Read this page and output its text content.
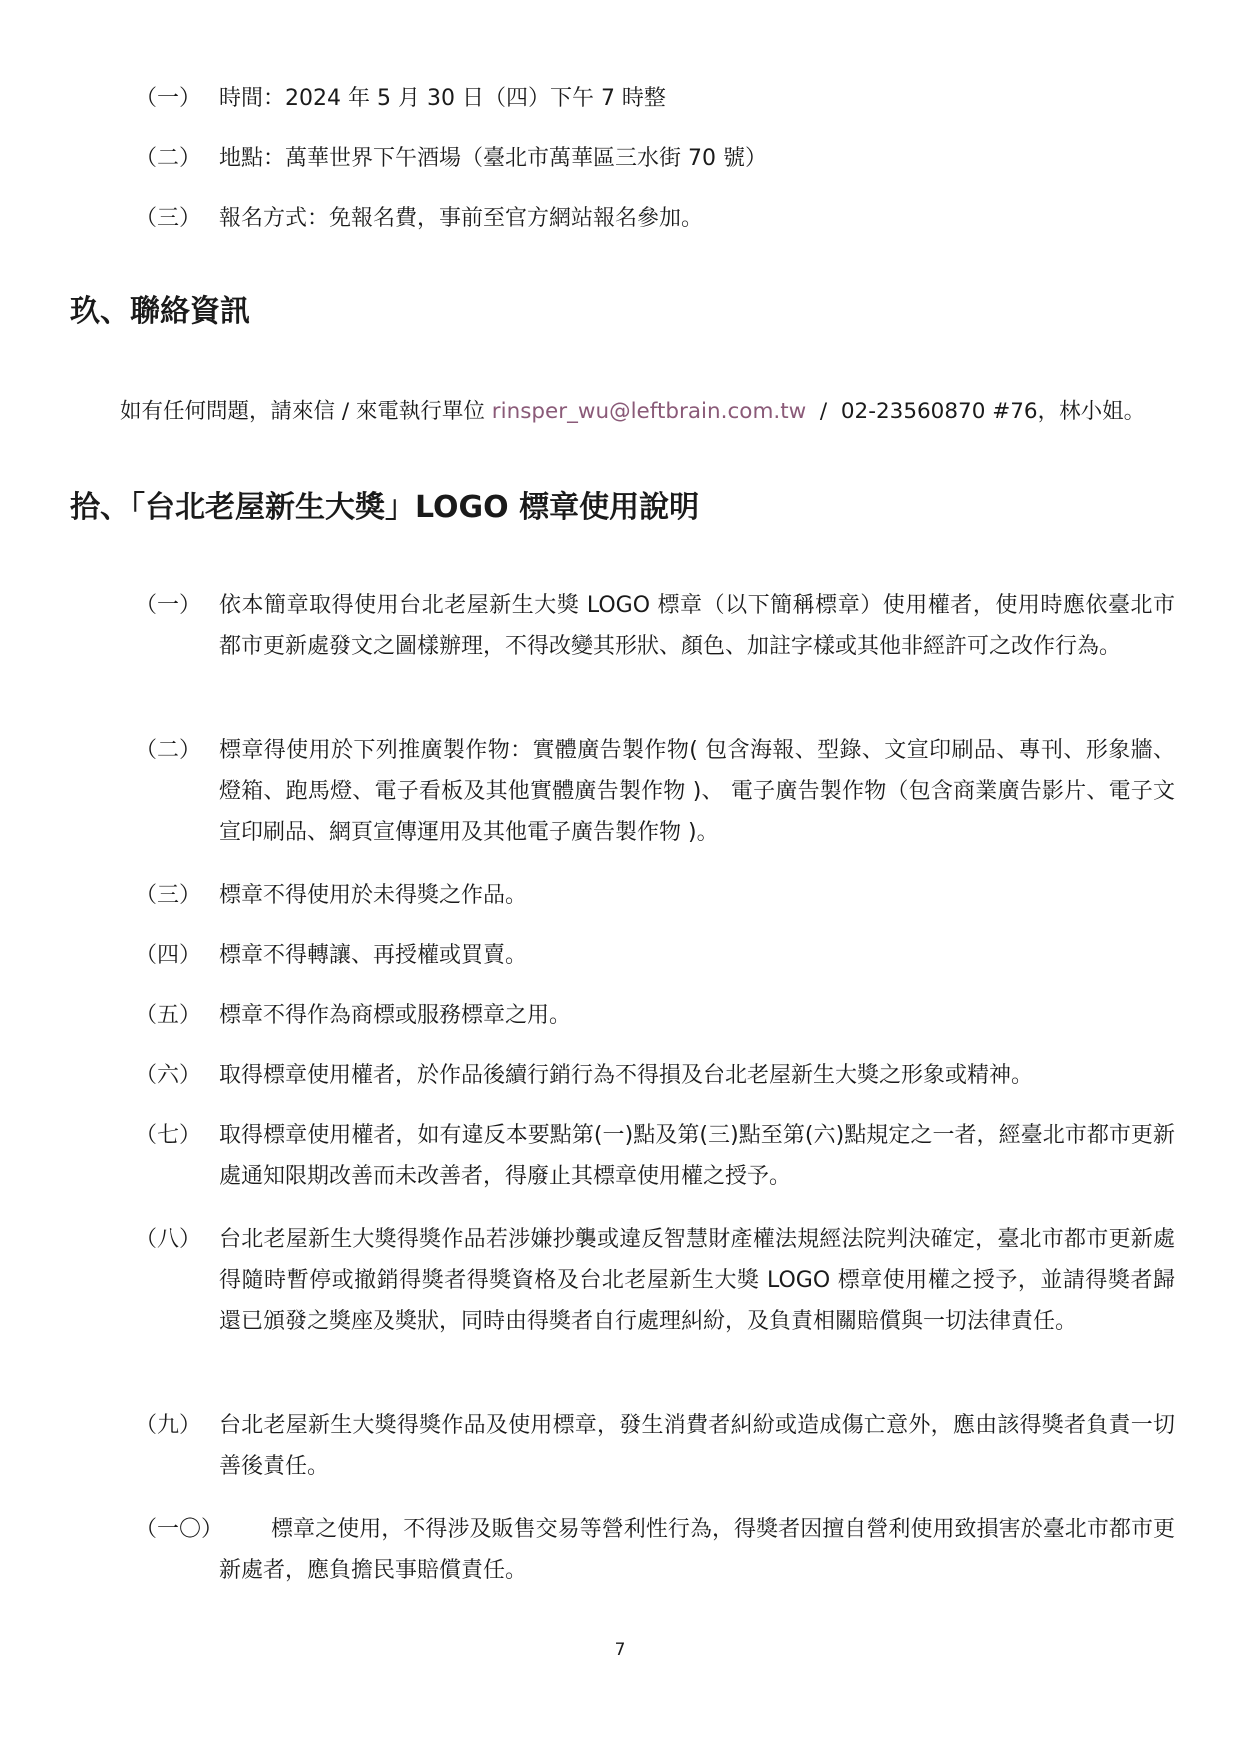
（一） 時間：2024 年 5 月 30 日（四）下午 7 時整
（二） 地點：萬華世界下午酒場（臺北市萬華區三水街 70 號）
（三） 報名方式：免報名費，事前至官方網站報名參加。
玖、聯絡資訊
如有任何問題，請來信 / 來電執行單位 rinsper_wu@leftbrain.com.tw  /  02-23560870 #76，林小姐。
拾、「台北老屋新生大獎」LOGO 標章使用說明
（一） 依本簡章取得使用台北老屋新生大獎 LOGO 標章（以下簡稱標章）使用權者，使用時應依臺北市都市更新處發文之圖樣辦理，不得改變其形狀、顏色、加註字樣或其他非經許可之改作行為。
（二） 標章得使用於下列推廣製作物：實體廣告製作物( 包含海報、型錄、文宣印刷品、專刊、形象牆、燈箱、跑馬燈、電子看板及其他實體廣告製作物 )、 電子廣告製作物（包含商業廣告影片、電子文宣印刷品、網頁宣傳運用及其他電子廣告製作物 )。
（三） 標章不得使用於未得獎之作品。
（四） 標章不得轉讓、再授權或買賣。
（五） 標章不得作為商標或服務標章之用。
（六） 取得標章使用權者，於作品後續行銷行為不得損及台北老屋新生大獎之形象或精神。
（七） 取得標章使用權者，如有違反本要點第(一)點及第(三)點至第(六)點規定之一者，經臺北市都市更新處通知限期改善而未改善者，得廢止其標章使用權之授予。
（八） 台北老屋新生大獎得獎作品若涉嫌抄襲或違反智慧財產權法規經法院判決確定，臺北市都市更新處得隨時暫停或撤銷得獎者得獎資格及台北老屋新生大獎 LOGO 標章使用權之授予，並請得獎者歸還已頒發之獎座及獎狀，同時由得獎者自行處理糾紛，及負責相關賠償與一切法律責任。
（九） 台北老屋新生大獎得獎作品及使用標章，發生消費者糾紛或造成傷亡意外，應由該得獎者負責一切善後責任。
（一〇）	標章之使用，不得涉及販售交易等營利性行為，得獎者因擅自營利使用致損害於臺北市都市更新處者，應負擔民事賠償責任。
7
